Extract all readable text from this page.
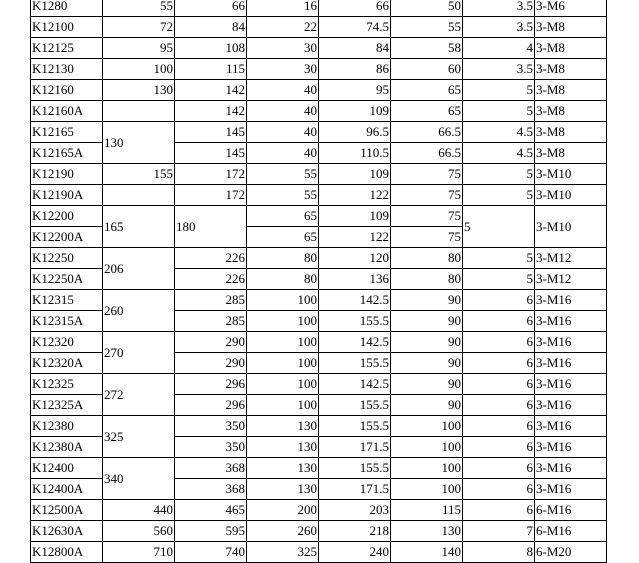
K1280	55	66	16	66	50	3.5	3-M6
K12100	72	84	22	74.5	55	3.5	3-M8
K12125	95	108	30	84	58	4	3-M8
K12130	100	115	30	86	60	3.5	3-M8
K12160	130	142	40	95	65	5	3-M8
K12160A		142	40	109	65	5	3-M8
K12165	130	145	40	96.5	66.5	4.5	3-M8
K12165A		145	40	110.5	66.5	4.5	3-M8
K12190	155	172	55	109	75	5	3-M10
K12190A		172	55	122	75	5	3-M10
K12200	165	180	65	109	75	5	3-M10
K12200A			65	122	75		
K12250	206	226	80	120	80	5	3-M12
K12250A		226	80	136	80	5	3-M12
K12315	260	285	100	142.5	90	6	3-M16
K12315A		285	100	155.5	90	6	3-M16
K12320	270	290	100	142.5	90	6	3-M16
K12320A		290	100	155.5	90	6	3-M16
K12325	272	296	100	142.5	90	6	3-M16
K12325A		296	100	155.5	90	6	3-M16
K12380	325	350	130	155.5	100	6	3-M16
K12380A		350	130	171.5	100	6	3-M16
K12400	340	368	130	155.5	100	6	3-M16
K12400A		368	130	171.5	100	6	3-M16
K12500A	440	465	200	203	115	6	6-M16
K12630A	560	595	260	218	130	7	6-M16
K12800A	710	740	325	240	140	8	6-M20
